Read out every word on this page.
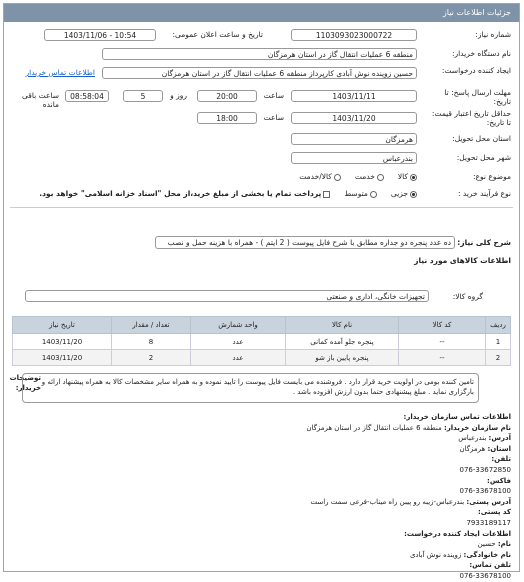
جزئیات اطلاعات نیاز
شماره نیاز:
1103093023000722
تاریخ و ساعت اعلان عمومی:
1403/11/06 - 10:54
نام دستگاه خریدار:
منطقه 6 عملیات انتقال گاز در استان هرمزگان
ایجاد کننده درخواست:
حسین زوینده نوش آبادی کارپرداز منطقه 6 عملیات انتقال گاز در استان هرمزگان
اطلاعات تماس خریدار
مهلت ارسال پاسخ: تا تاریخ:
1403/11/11
ساعت
20:00
روز و
5
08:58:04
ساعت باقی مانده
حداقل تاریخ اعتبار قیمت: تا تاریخ:
1403/11/20
ساعت
18:00
استان محل تحویل:
هرمزگان
شهر محل تحویل:
بندرعباس
موضوع نوع:
کالا
خدمت
کالا/خدمت
نوع فرآیند خرید :
جزیی
متوسط
پرداخت تمام یا بخشی از مبلغ خرید،از محل "اسناد خزانه اسلامی" خواهد بود.
شرح کلی نیاز:
ده عدد پنجره دو جداره مطابق با شرح فایل پیوست ( 2 ایتم ) - همراه با هزینه حمل و نصب
اطلاعات کالاهای مورد نیاز
گروه کالا:
تجهیزات خانگی، اداری و صنعتی
ردیف	کد کالا	نام کالا	واحد شمارش	تعداد / مقدار	تاریخ نیاز
1	--	پنجره جلو آمده کمانی	عدد	8	1403/11/20
2	--	پنجره پایین باز شو	عدد	2	1403/11/20
توضیحات خریدار:
تامین کننده بومی در اولویت خرید قرار دارد . فروشنده می بایست فایل پیوست را تایید نموده و به همراه سایر مشخصات کالا به همراه پیشنهاد ارائه و بارگزاری نماید . مبلغ پیشنهادی حتما بدون ارزش افزوده باشد .
اطلاعات تماس سازمان خریدار:
نام سازمان خریدار: منطقه 6 عملیات انتقال گاز در استان هرمزگان
آدرس: بندرعباس
استان: هرمزگان
تلفن:
076-33672850
فاکس:
076-33678100
آدرس پستی: بندرعباس-زیبه رو پیبن راه میناب-فرعی سمت راست
کد پستی:
7933189117
اطلاعات ایجاد کننده درخواست:
نام: حسین
نام خانوادگی: زوینده نوش آبادی
تلفن تماس:
076-33678100
